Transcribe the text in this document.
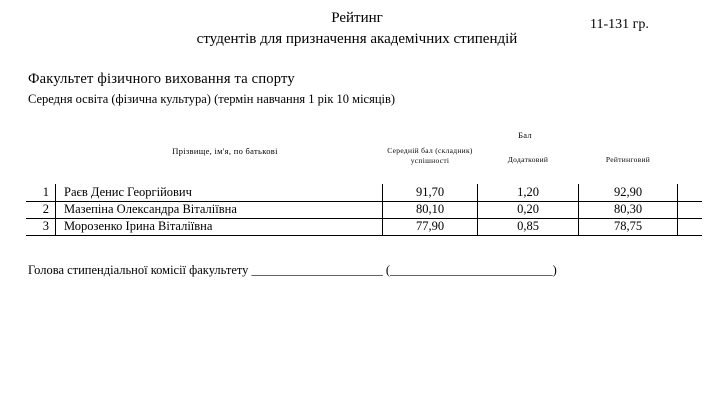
Рейтинг
студентів для призначення академічних стипендій
11-131 гр.
Факультет фізичного виховання та спорту
Середня освіта (фізична культура) (термін навчання 1 рік 10 місяців)
Прізвище, ім'я, по батькові
Бал
Середній бал (складник) успішності	Додатковий	Рейтинговий
1 Раєв Денис Георгійович	91,70	1,20	92,90
2 Мазепіна Олександра Віталіївна	80,10	0,20	80,30
3 Морозенко Ірина Віталіївна	77,90	0,85	78,75
Голова стипендіальної комісії факультету _____________________ (__________________________)
